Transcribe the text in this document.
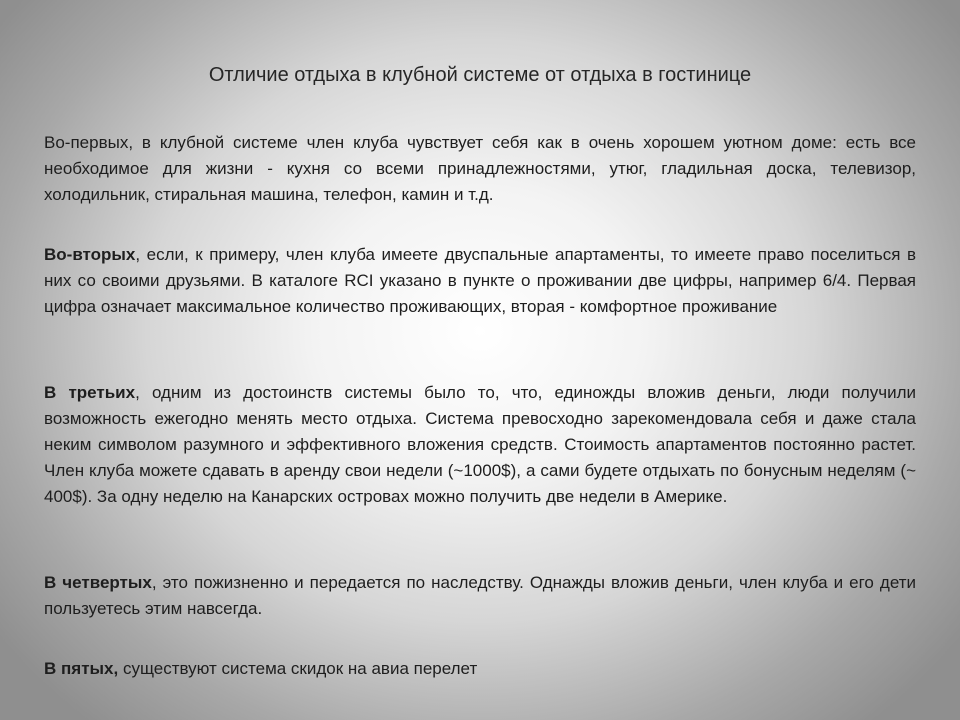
Отличие отдыха в клубной системе от отдыха в гостинице

Во-первых, в клубной системе член клуба чувствует себя как в очень хорошем уютном доме: есть все необходимое для жизни - кухня со всеми принадлежностями, утюг, гладильная доска, телевизор, холодильник, стиральная машина, телефон, камин и т.д.

Во-вторых, если, к примеру, член клуба имеете двуспальные апартаменты, то имеете право поселиться в них со своими друзьями. В каталоге RCI указано в пункте о проживании две цифры, например 6/4. Первая цифра означает максимальное количество проживающих, вторая - комфортное проживание

В третьих, одним из достоинств системы было то, что, единожды вложив деньги, люди получили возможность ежегодно менять место отдыха. Система превосходно зарекомендовала себя и даже стала неким символом разумного и эффективного вложения средств. Стоимость апартаментов постоянно растет. Член клуба можете сдавать в аренду свои недели (~1000$), а сами будете отдыхать по бонусным неделям (~ 400$). За одну неделю на Канарских островах можно получить две недели в Америке.

В четвертых, это пожизненно и передается по наследству. Однажды вложив деньги, член клуба и его дети пользуетесь этим навсегда.

В пятых, существуют система скидок на авиа перелет
